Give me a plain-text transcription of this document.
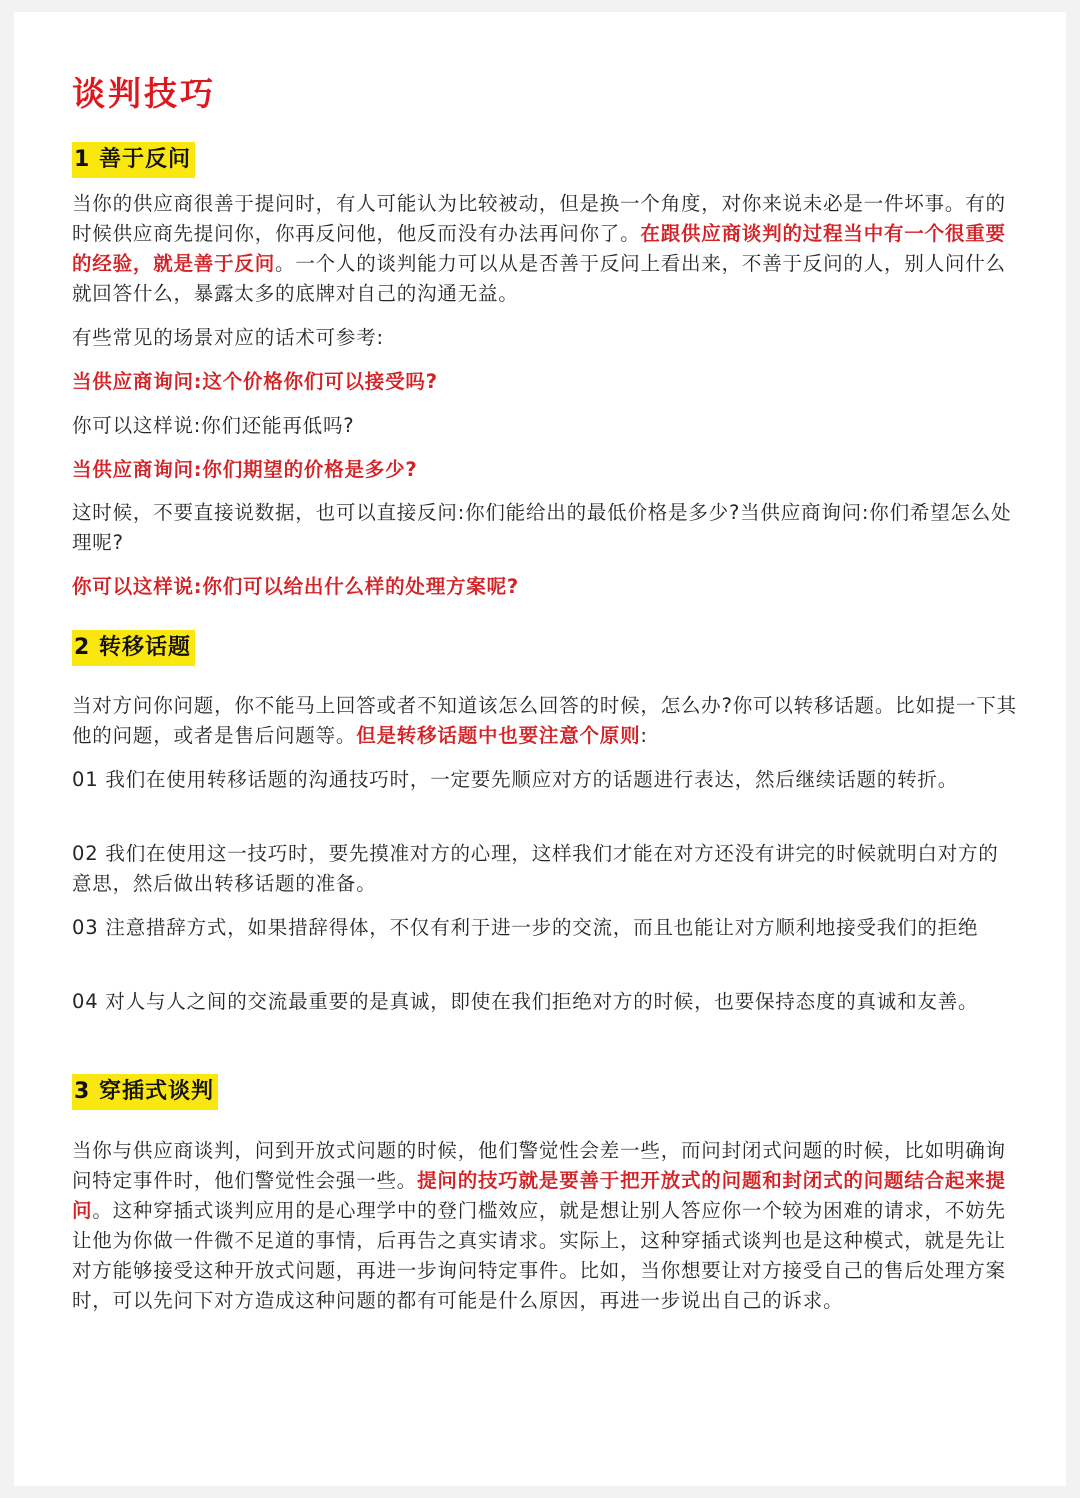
谈判技巧
1 善于反问

当你的供应商很善于提问时，有人可能认为比较被动，但是换一个角度，对你来说未必是一件坏事。有的时候供应商先提问你，你再反问他，他反而没有办法再问你了。在跟供应商谈判的过程当中有一个很重要的经验，就是善于反问。一个人的谈判能力可以从是否善于反问上看出来，不善于反问的人，别人问什么就回答什么，暴露太多的底牌对自己的沟通无益。

有些常见的场景对应的话术可参考:

当供应商询问:这个价格你们可以接受吗?

你可以这样说:你们还能再低吗?

当供应商询问:你们期望的价格是多少?

这时候，不要直接说数据，也可以直接反问:你们能给出的最低价格是多少?当供应商询问:你们希望怎么处理呢?

你可以这样说:你们可以给出什么样的处理方案呢?

2 转移话题

当对方问你问题，你不能马上回答或者不知道该怎么回答的时候，怎么办?你可以转移话题。比如提一下其他的问题，或者是售后问题等。但是转移话题中也要注意个原则:

01 我们在使用转移话题的沟通技巧时，一定要先顺应对方的话题进行表达，然后继续话题的转折。

02 我们在使用这一技巧时，要先摸准对方的心理，这样我们才能在对方还没有讲完的时候就明白对方的意思，然后做出转移话题的准备。

03 注意措辞方式，如果措辞得体，不仅有利于进一步的交流，而且也能让对方顺利地接受我们的拒绝

04 对人与人之间的交流最重要的是真诚，即使在我们拒绝对方的时候，也要保持态度的真诚和友善。

3 穿插式谈判

当你与供应商谈判，问到开放式问题的时候，他们警觉性会差一些，而问封闭式问题的时候，比如明确询问特定事件时，他们警觉性会强一些。提问的技巧就是要善于把开放式的问题和封闭式的问题结合起来提问。这种穿插式谈判应用的是心理学中的登门槛效应，就是想让别人答应你一个较为困难的请求，不妨先让他为你做一件微不足道的事情，后再告之真实请求。实际上，这种穿插式谈判也是这种模式，就是先让对方能够接受这种开放式问题，再进一步询问特定事件。比如，当你想要让对方接受自己的售后处理方案时，可以先问下对方造成这种问题的都有可能是什么原因，再进一步说出自己的诉求。
